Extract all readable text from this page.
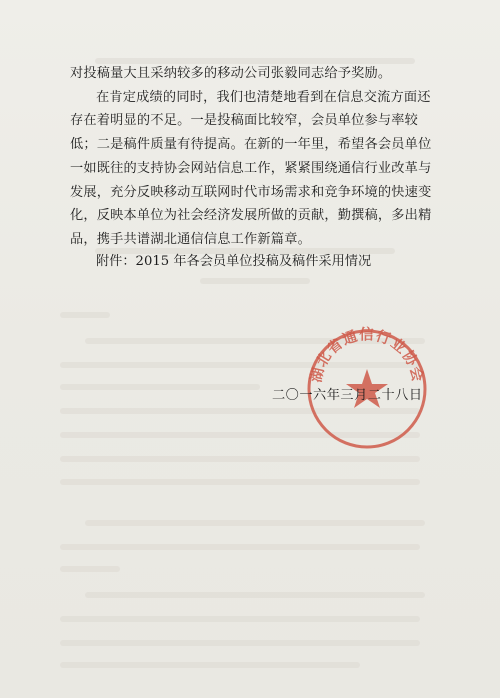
对投稿量大且采纳较多的移动公司张毅同志给予奖励。
在肯定成绩的同时，我们也清楚地看到在信息交流方面还存在着明显的不足。一是投稿面比较窄，会员单位参与率较低；二是稿件质量有待提高。在新的一年里，希望各会员单位一如既往的支持协会网站信息工作，紧紧围绕通信行业改革与发展，充分反映移动互联网时代市场需求和竞争环境的快速变化，反映本单位为社会经济发展所做的贡献，勤撰稿，多出精品，携手共谱湖北通信信息工作新篇章。
附件：2015 年各会员单位投稿及稿件采用情况
湖北省通信行业协会
二〇一六年三月二十八日
